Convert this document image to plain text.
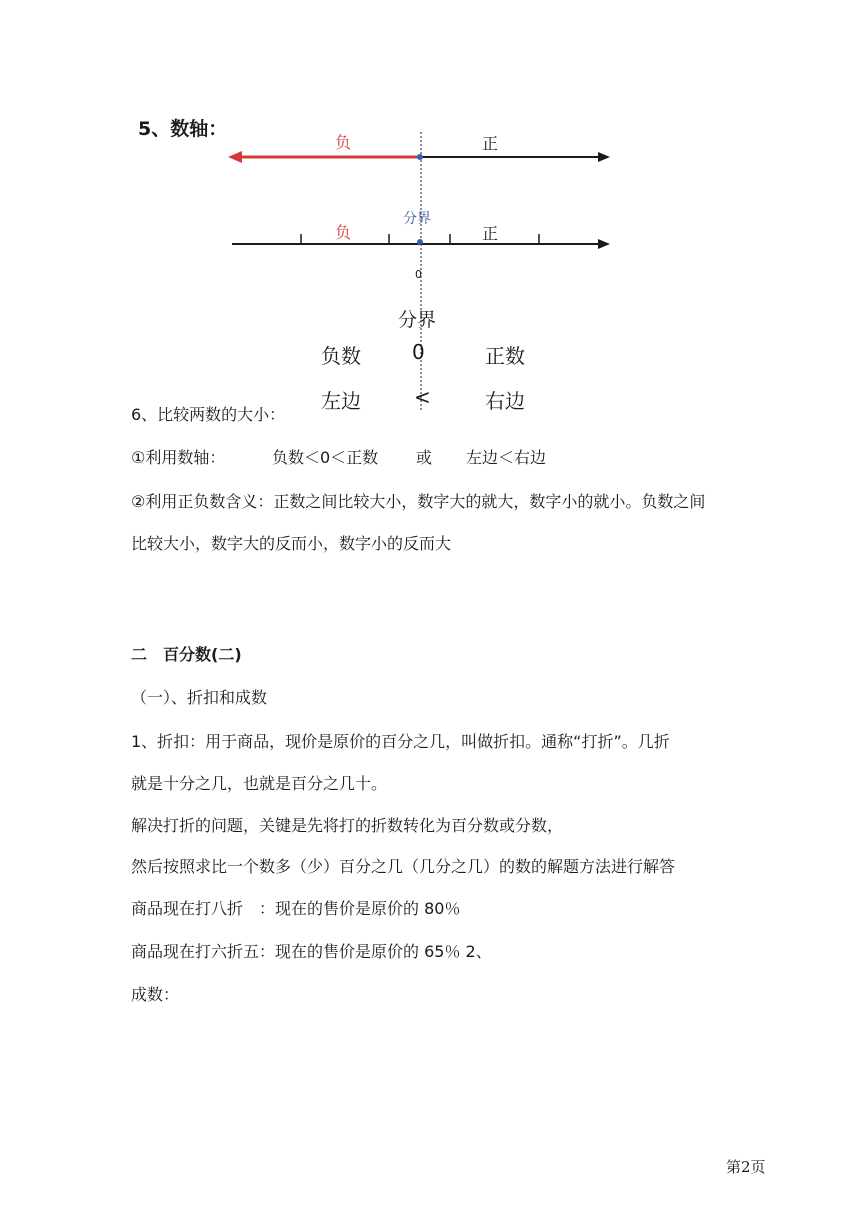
5、数轴：
负	正
分界
负	正
0
分界
负数	0	正数
左边	<	右边
6、比较两数的大小：
①利用数轴：	负数＜0＜正数 或 左边＜右边
②利用正负数含义：正数之间比较大小，数字大的就大，数字小的就小。负数之间
比较大小，数字大的反而小，数字小的反而大
二　百分数(二)
（一）、折扣和成数
1、折扣：用于商品，现价是原价的百分之几，叫做折扣。通称“打折”。几折
就是十分之几，也就是百分之几十。
解决打折的问题，关键是先将打的折数转化为百分数或分数，
然后按照求比一个数多（少）百分之几（几分之几）的数的解题方法进行解答
商品现在打八折　：现在的售价是原价的 80％
商品现在打六折五：现在的售价是原价的 65％ 2、
成数：
第2页
